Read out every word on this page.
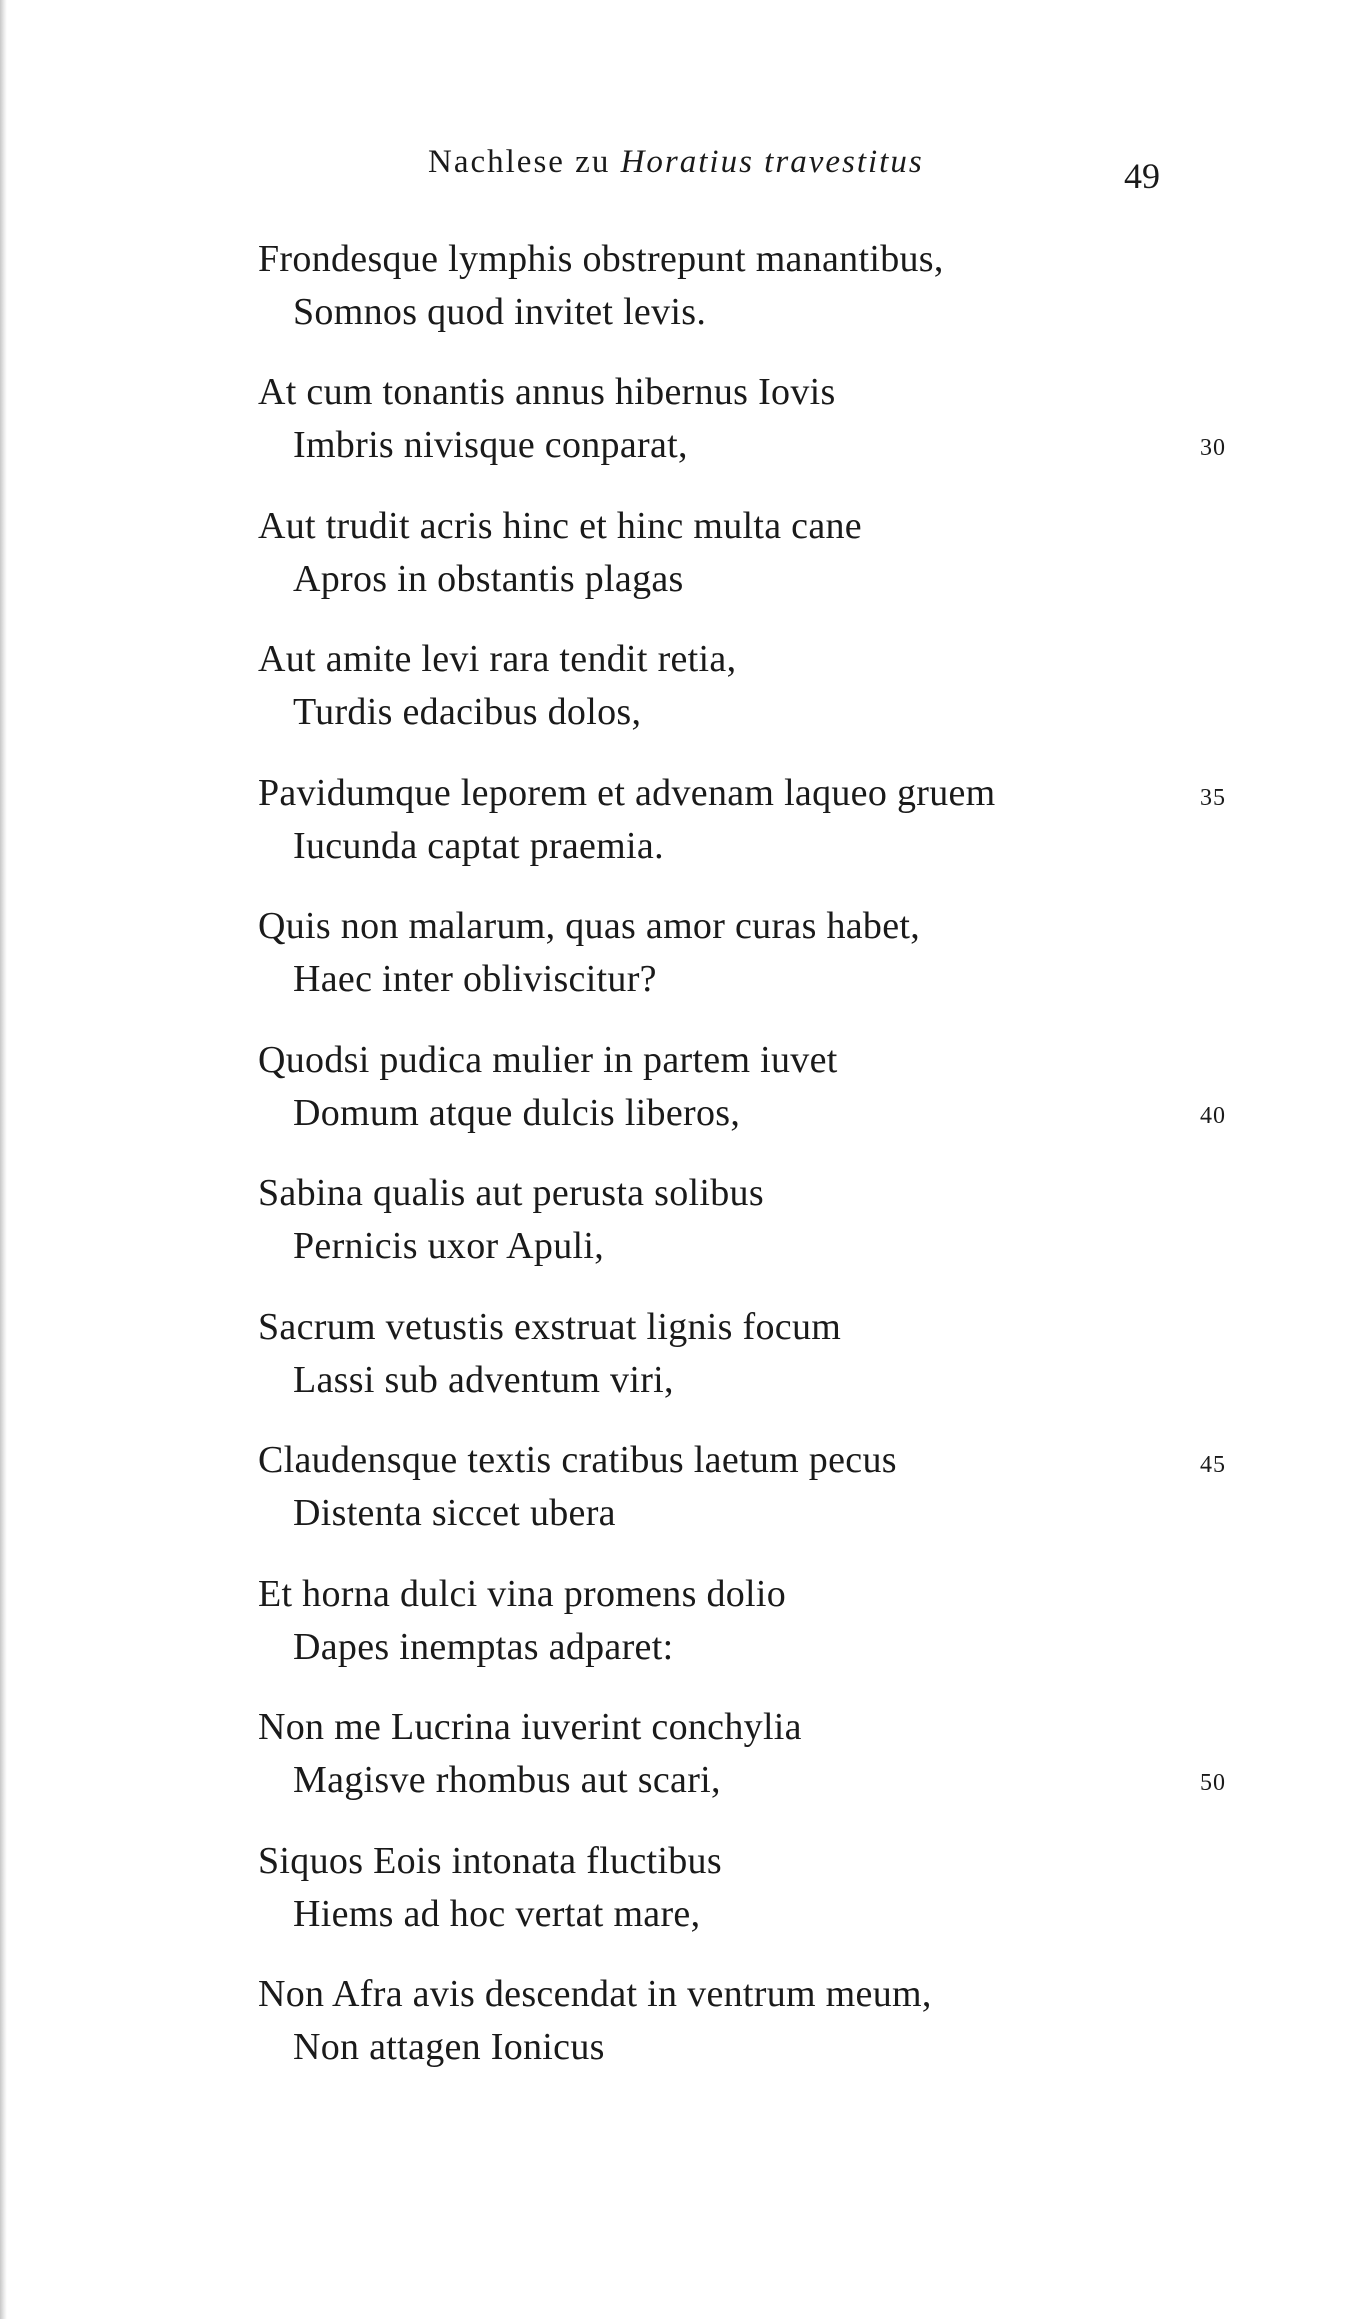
Nachlese zu Horatius travestitus	49
Frondesque lymphis obstrepunt manantibus,
Somnos quod invitet levis.
At cum tonantis annus hibernus Iovis
Imbris nivisque conparat,	30
Aut trudit acris hinc et hinc multa cane
Apros in obstantis plagas
Aut amite levi rara tendit retia,
Turdis edacibus dolos,
Pavidumque leporem et advenam laqueo gruem
Iucunda captat praemia.
35
Quis non malarum, quas amor curas habet,
Haec inter obliviscitur?
Quodsi pudica mulier in partem iuvet
Domum atque dulcis liberos,	40
Sabina qualis aut perusta solibus
Pernicis uxor Apuli,
Sacrum vetustis exstruat lignis focum
Lassi sub adventum viri,
Claudensque textis cratibus laetum pecus
Distenta siccet ubera
45
Et horna dulci vina promens dolio
Dapes inemptas adparet:
Non me Lucrina iuverint conchylia
Magisve rhombus aut scari,	50
Siquos Eois intonata fluctibus
Hiems ad hoc vertat mare,
Non Afra avis descendat in ventrum meum,
Non attagen Ionicus
